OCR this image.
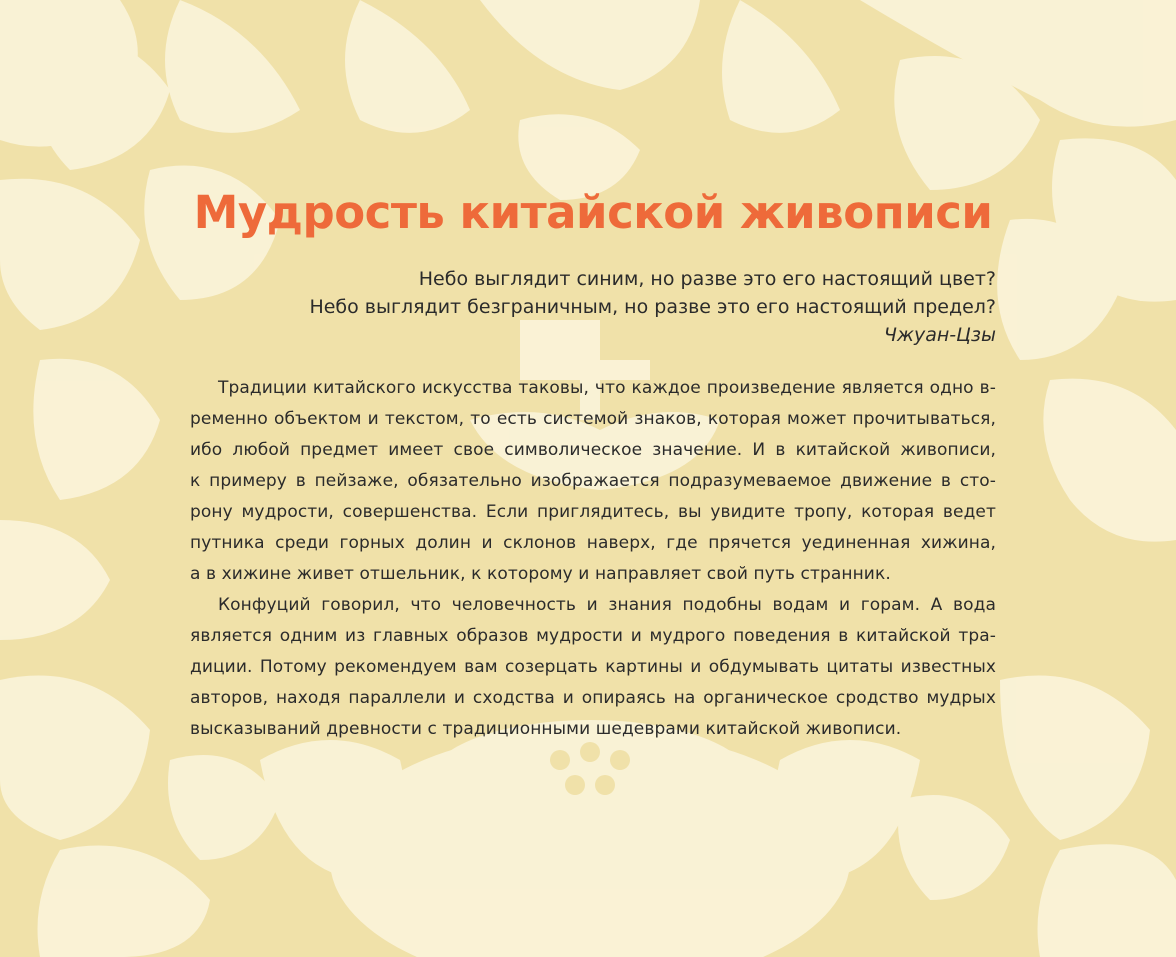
Мудрость китайской живописи
Небо выглядит синим, но разве это его настоящий цвет?
Небо выглядит безграничным, но разве это его настоящий предел?
Чжуан-Цзы
Традиции китайского искусства таковы, что каждое произведение является одно в-
ременно объектом и текстом, то есть системой знаков, которая может прочитываться,
ибо любой предмет имеет свое символическое значение. И в китайской живописи,
к примеру в пейзаже, обязательно изображается подразумеваемое движение в сто-
рону мудрости, совершенства. Если приглядитесь, вы увидите тропу, которая ведет
путника среди горных долин и склонов наверх, где прячется уединенная хижина,
а в хижине живет отшельник, к которому и направляет свой путь странник.
Конфуций говорил, что человечность и знания подобны водам и горам. А вода
является одним из главных образов мудрости и мудрого поведения в китайской тра-
диции. Потому рекомендуем вам созерцать картины и обдумывать цитаты известных
авторов, находя параллели и сходства и опираясь на органическое сродство мудрых
высказываний древности с традиционными шедеврами китайской живописи.
